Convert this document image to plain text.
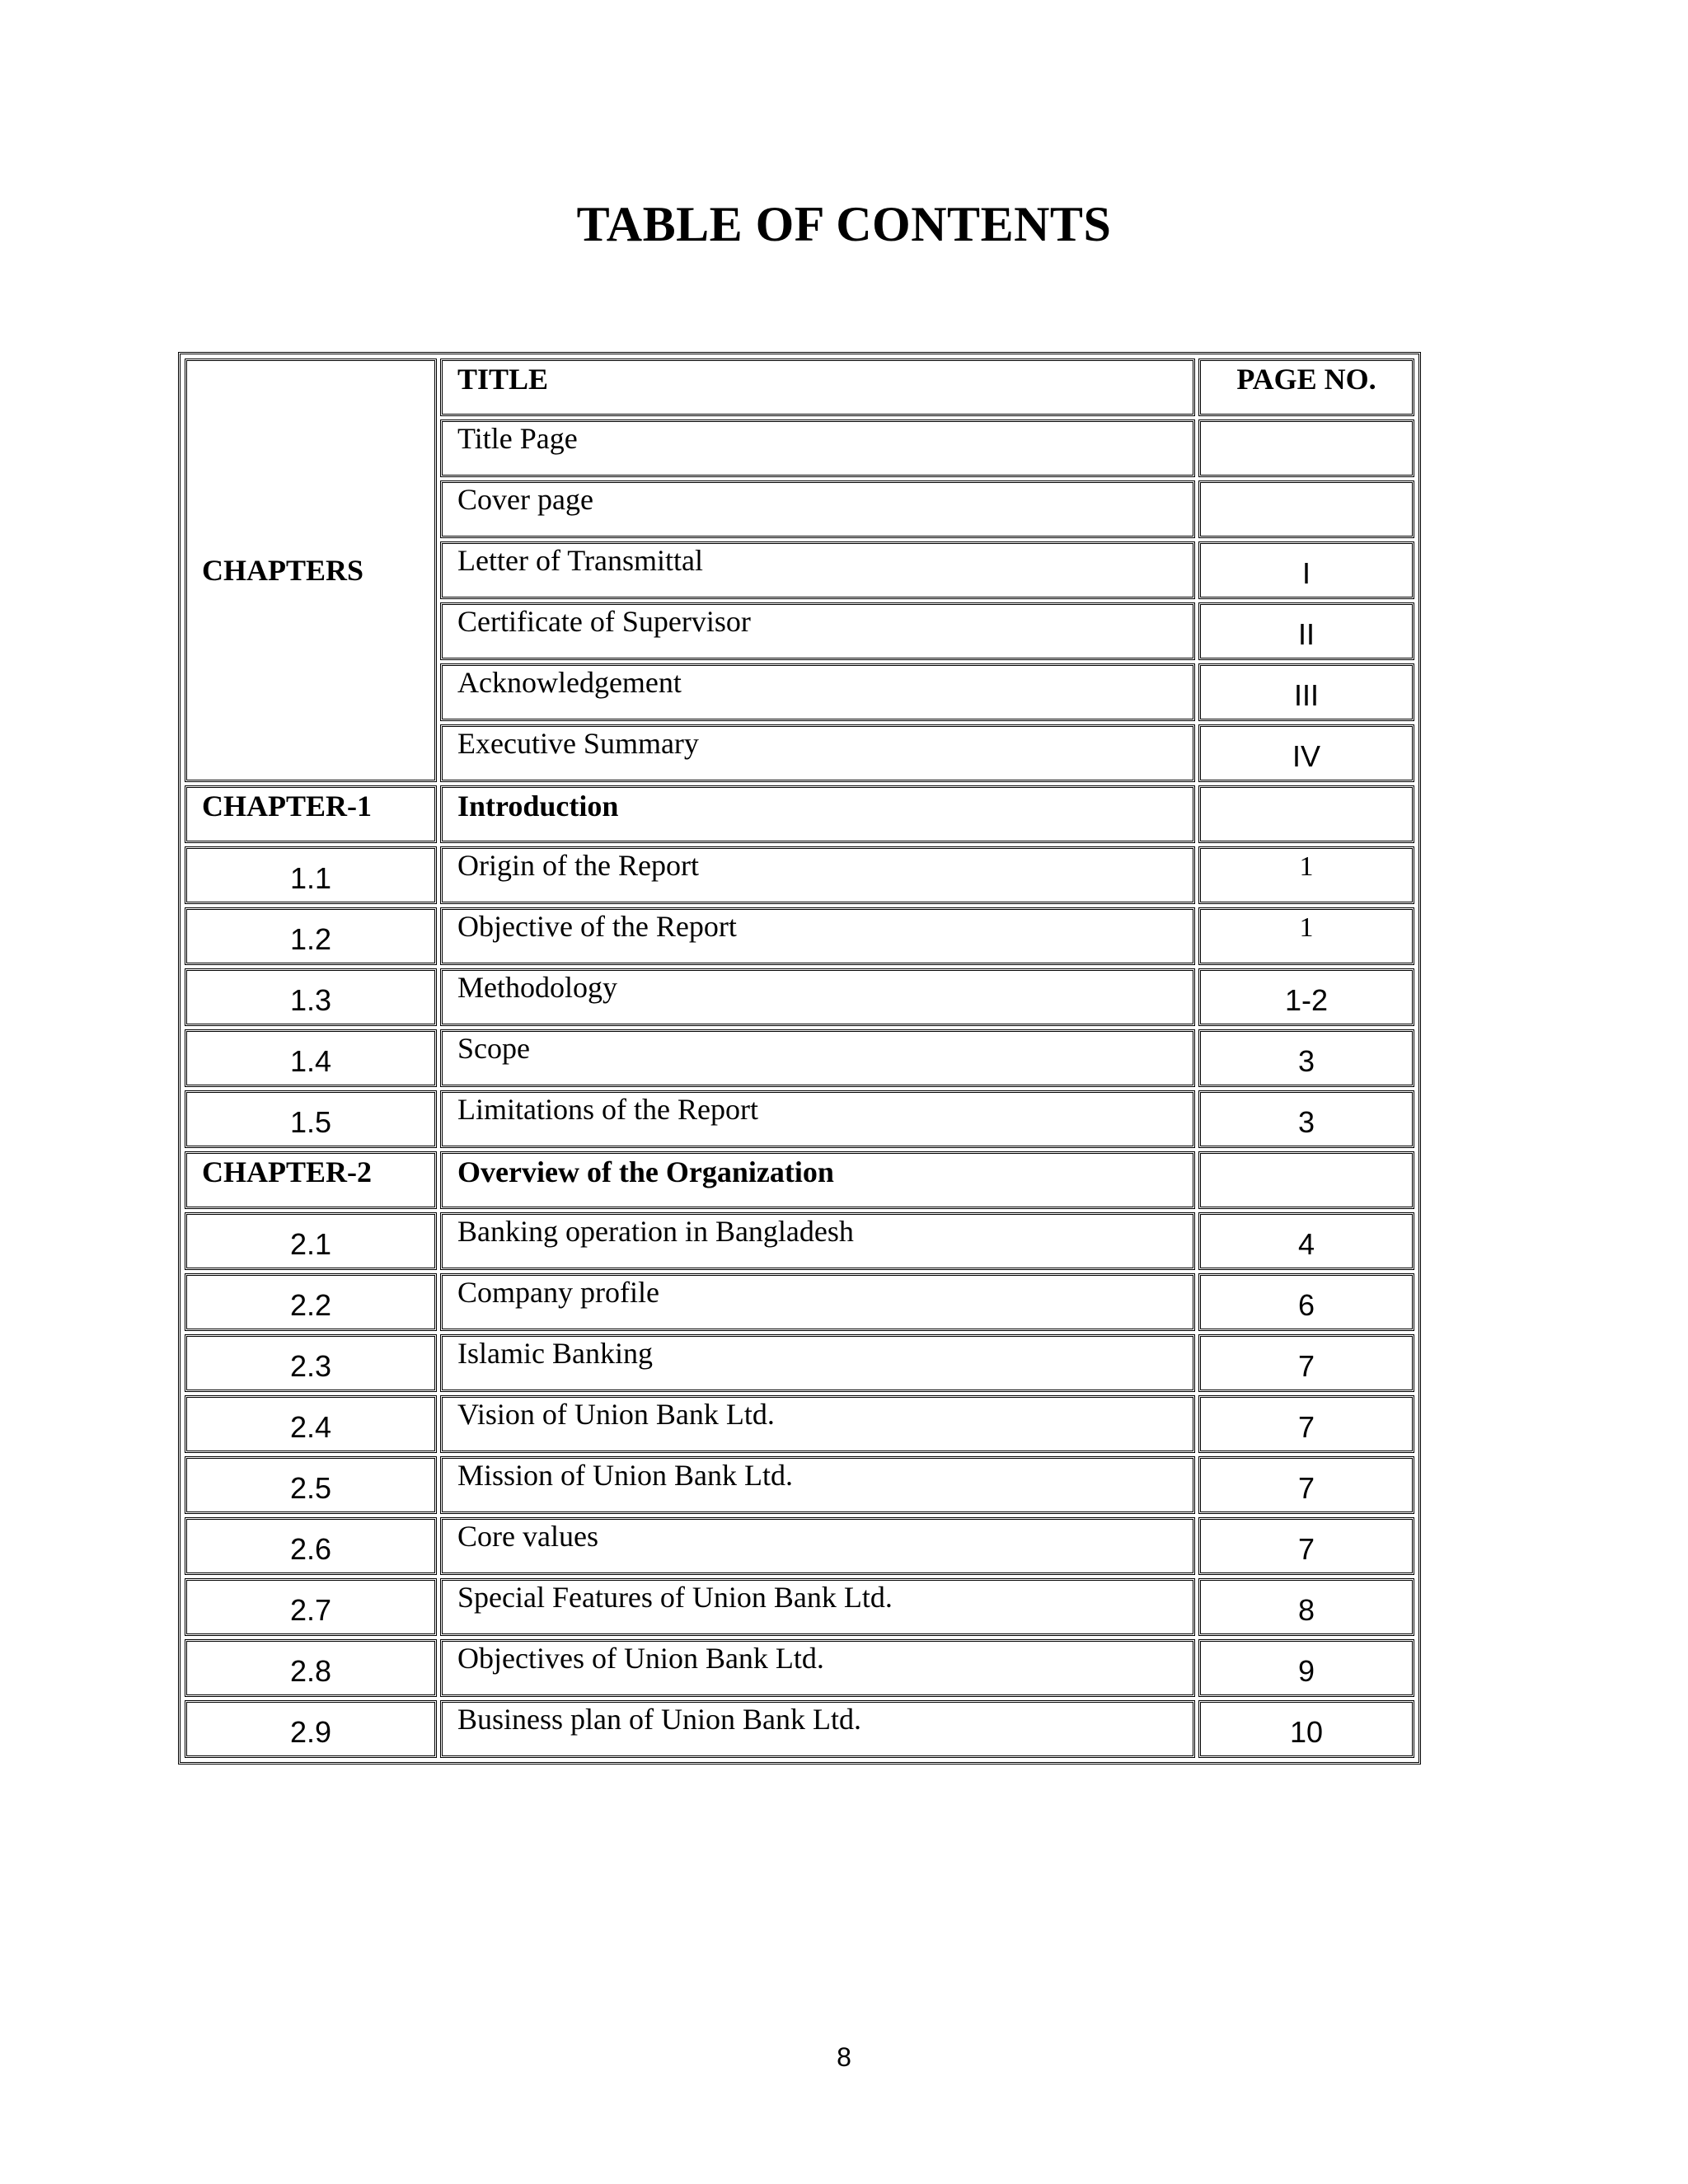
TABLE OF CONTENTS
CHAPTERS	TITLE	PAGE NO.
	Title Page	
	Cover page	
	Letter of Transmittal	I
	Certificate of Supervisor	II
	Acknowledgement	III
	Executive Summary	IV
CHAPTER-1	Introduction	
1.1	Origin of the Report	1
1.2	Objective of the Report	1
1.3	Methodology	1-2
1.4	Scope	3
1.5	Limitations of the Report	3
CHAPTER-2	Overview of the Organization	
2.1	Banking operation in Bangladesh	4
2.2	Company profile	6
2.3	Islamic Banking	7
2.4	Vision of Union Bank Ltd.	7
2.5	Mission of Union Bank Ltd.	7
2.6	Core values	7
2.7	Special Features of Union Bank Ltd.	8
2.8	Objectives of Union Bank Ltd.	9
2.9	Business plan of Union Bank Ltd.	10
8
